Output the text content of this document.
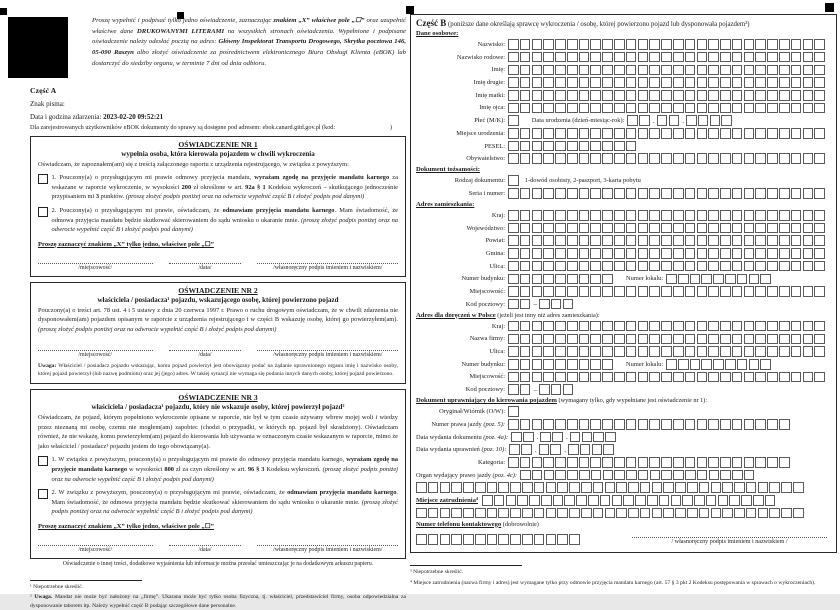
Proszę wypełnić i podpisać tylko jedno oświadczenie, zaznaczając znakiem „X” właściwe pole „☐” oraz uzupełnić właściwe dane DRUKOWANYMI LITERAMI na wszystkich stronach oświadczenia. Wypełnione i podpisane oświadczenie należy odesłać pocztą na adres: Główny Inspektorat Transportu Drogowego, Skrytka pocztowa 146, 05-090 Raszyn albo złożyć oświadczenie za pośrednictwem elektronicznego Biura Obsługi Klienta (eBOK) lub dostarczyć do siedziby organu, w terminie 7 dni od dnia odbioru.

Część A
Znak pisma:
Data i godzina zdarzenia: 2023-02-20 09:52:21
Dla zarejestrowanych użytkowników eBOK dokumenty do sprawy są dostępne pod adresem: ebok.canard.gitd.gov.pl (kod:	)
OŚWIADCZENIE NR 1
wypełnia osoba, która kierowała pojazdem w chwili wykroczenia
Oświadczam, że zapoznałem(am) się z treścią załączonego raportu z urządzenia rejestrującego, w związku z powyższym:
1. Pouczony(a) o przysługującym mi prawie odmowy przyjęcia mandatu, wyrażam zgodę na przyjęcie mandatu karnego za wskazane w raporcie wykroczenie, w wysokości 200 zł określone w art. 92a § 1 Kodeksu wykroczeń – skutkującego jednocześnie przypisaniem mi 3 punktów. (proszę złożyć podpis poniżej oraz na odwrocie wypełnić część B i złożyć podpis pod danymi)
2. Pouczony(a) o przysługującym mi prawie, oświadczam, że odmawiam przyjęcia mandatu karnego. Mam świadomość, że odmowa przyjęcia mandatu będzie skutkować skierowaniem do sądu wniosku o ukaranie mnie. (proszę złożyć podpis poniżej oraz na odwrocie wypełnić część B i złożyć podpis pod danymi)
Proszę zaznaczyć znakiem „X” tylko jedno, właściwe pole „☐”
/miejscowość/	/data/	/własnoręczny podpis imieniem i nazwiskiem/
OŚWIADCZENIE NR 2
właściciela / posiadacza¹ pojazdu, wskazującego osobę, której powierzono pojazd
Pouczony(a) o treści art. 78 ust. 4 i 5 ustawy z dnia 20 czerwca 1997 r. Prawo o ruchu drogowym oświadczam, że w chwili zdarzenia nie dysponowałem(am) pojazdem opisanym w raporcie z urządzenia rejestrującego i w części B wskazuję osobę, której go powierzyłem(am). (proszę złożyć podpis poniżej oraz na odwrocie wypełnić część B i złożyć podpis pod danymi)
/miejscowość/	/data/	/własnoręczny podpis imieniem i nazwiskiem/
Uwaga: Właściciel / posiadacz pojazdu wskazując, komu pojazd powierzył jest obowiązany podać na żądanie uprawnionego organu imię i nazwisko osoby, której pojazd powierzył (lub nazwę podmiotu) oraz jej (jego) adres. W takiej sytuacji nie wymaga się podania innych danych osoby, której pojazd powierzono.
OŚWIADCZENIE NR 3
właściciela / posiadacza¹ pojazdu, który nie wskazuje osoby, której powierzył pojazd²
Oświadczam, że pojazd, którym popełniono wykroczenie opisane w raporcie, nie był w tym czasie używany wbrew mojej woli i wiedzy przez nieznaną mi osobę, czemu nie mogłem(am) zapobiec (chodzi o przypadki, w których np. pojazd był skradziony). Oświadczam również, że nie wskażę, komu powierzyłem(am) pojazd do kierowania lub używania w oznaczonym czasie wskazanym w raporcie, mimo że jako właściciel / posiadacz¹ pojazdu jestem do tego obowiązany(a).
1. W związku z powyższym, pouczony(a) o przysługującym mi prawie do odmowy przyjęcia mandatu karnego, wyrażam zgodę na przyjęcie mandatu karnego w wysokości 800 zł za czyn określony w art. 96 § 3 Kodeksu wykroczeń. (proszę złożyć podpis poniżej oraz na odwrocie wypełnić część B i złożyć podpis pod danymi)
2. W związku z powyższym, pouczony(a) o przysługującym mi prawie, oświadczam, że odmawiam przyjęcia mandatu karnego. Mam świadomość, że odmowa przyjęcia mandatu będzie skutkować skierowaniem do sądu wniosku o ukaranie mnie. (proszę złożyć podpis poniżej oraz na odwrocie wypełnić część B i złożyć podpis pod danymi)
Proszę zaznaczyć znakiem „X” tylko jedno, właściwe pole „☐”
/miejscowość/	/data/	/własnoręczny podpis imieniem i nazwiskiem/
Oświadczenie o innej treści, dodatkowe wyjaśnienia lub informacje można przesłać umieszczając je na dodatkowym arkuszu papieru.
¹ Niepotrzebne skreślić.
² Uwaga. Mandat nie może być nałożony na „firmę”. Ukarana może być tylko osoba fizyczna, tj. właściciel, przedstawiciel firmy, osoba odpowiedzialna za dysponowanie taborem itp. Należy wypełnić część B podając szczegółowe dane personalne.
Część B (poniższe dane określają sprawcę wykroczenia / osobę, której powierzono pojazd lub dysponowała pojazdem³)
Dane osobowe:
Nazwisko:
Nazwisko rodowe:
Imię:
Imię drugie:
Imię matki:
Imię ojca:
Płeć (M/K):	Data urodzenia (dzień-miesiąc-rok):	.	.
Miejsce urodzenia:
PESEL:
Obywatelstwo:
Dokument tożsamości:
Rodzaj dokumentu:	1-dowód osobisty, 2-paszport, 3-karta pobytu
Seria i numer:
Adres zamieszkania:
Kraj:
Województwo:
Powiat:
Gmina:
Ulica:
Numer budynku:	Numer lokalu:
Miejscowość:
Kod pocztowy:	–
Adres dla doręczeń w Polsce (jeżeli jest inny niż adres zamieszkania):
Kraj:
Nazwa firmy:
Ulica:
Numer budynku:	Numer lokalu:
Miejscowość:
Kod pocztowy:	–
Dokument uprawniający do kierowania pojazdem (wymagany tylko, gdy wypełniane jest oświadczenie nr 1):
Oryginał/Wtórnik (O/W):
Numer prawa jazdy (poz. 5):
Data wydania dokumentu (poz. 4a):	.	.
Data wydania uprawnień (poz. 10):	.	.
Kategoria:
Organ wydający prawo jazdy (poz. 4c):
Miejsce zatrudnienia⁴
Numer telefonu kontaktowego (dobrowolnie)
/ własnoręczny podpis imieniem i nazwiskiem /
³ Niepotrzebne skreślić.
⁴ Miejsce zatrudnienia (nazwa firmy i adres) jest wymagane tylko przy odmowie przyjęcia mandatu karnego (art. 57 § 3 pkt 2 Kodeksu postępowania w sprawach o wykroczeniach).
